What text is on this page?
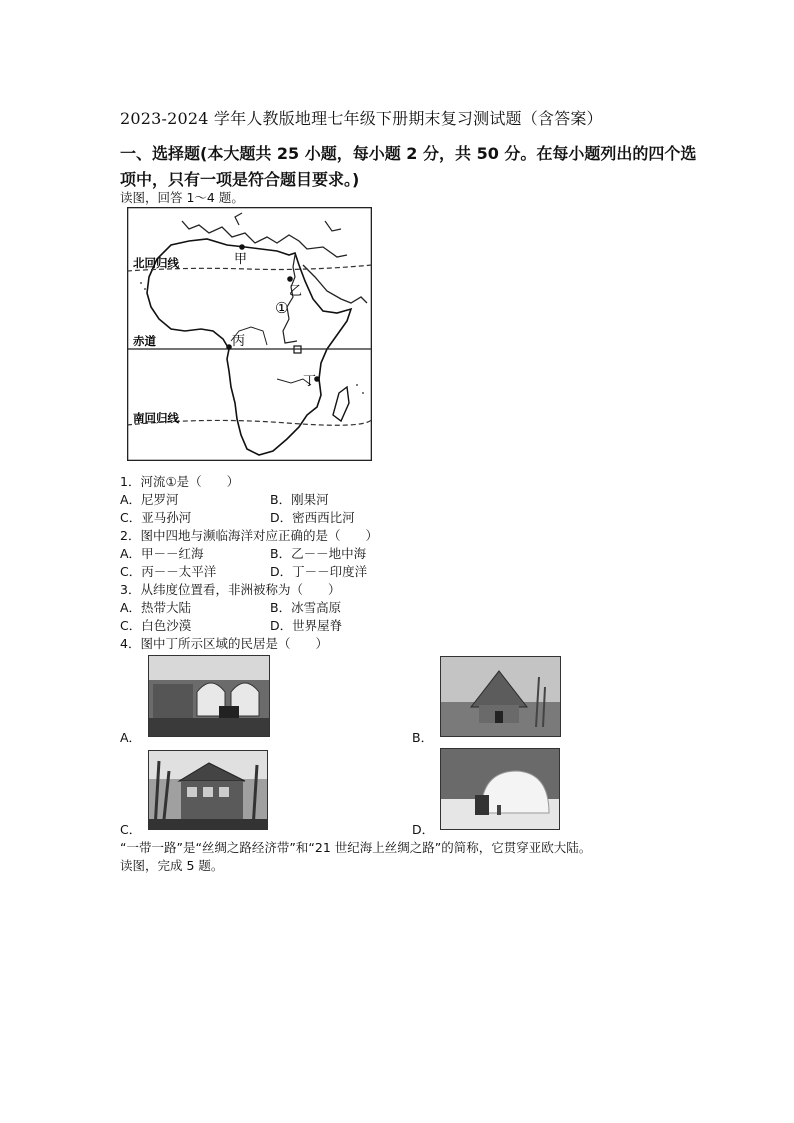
2023-2024 学年人教版地理七年级下册期末复习测试题（含答案）
一、选择题(本大题共 25 小题，每小题 2 分，共 50 分。在每小题列出的四个选项中，只有一项是符合题目要求。)
读图，回答 1～4 题。
北回归线
赤道
南回归线
甲
乙
丙
丁
①
1．河流①是（　　）
A．尼罗河	B．刚果河
C．亚马孙河	D．密西西比河
2．图中四地与濒临海洋对应正确的是（　　）
A．甲－－红海	B．乙－－地中海
C．丙－－太平洋	D．丁－－印度洋
3．从纬度位置看，非洲被称为（　　）
A．热带大陆	B．冰雪高原
C．白色沙漠	D．世界屋脊
4．图中丁所示区域的民居是（　　）
A．	B．
C．	D．
“一带一路”是“丝绸之路经济带”和“21 世纪海上丝绸之路”的简称，它贯穿亚欧大陆。
读图，完成 5 题。
